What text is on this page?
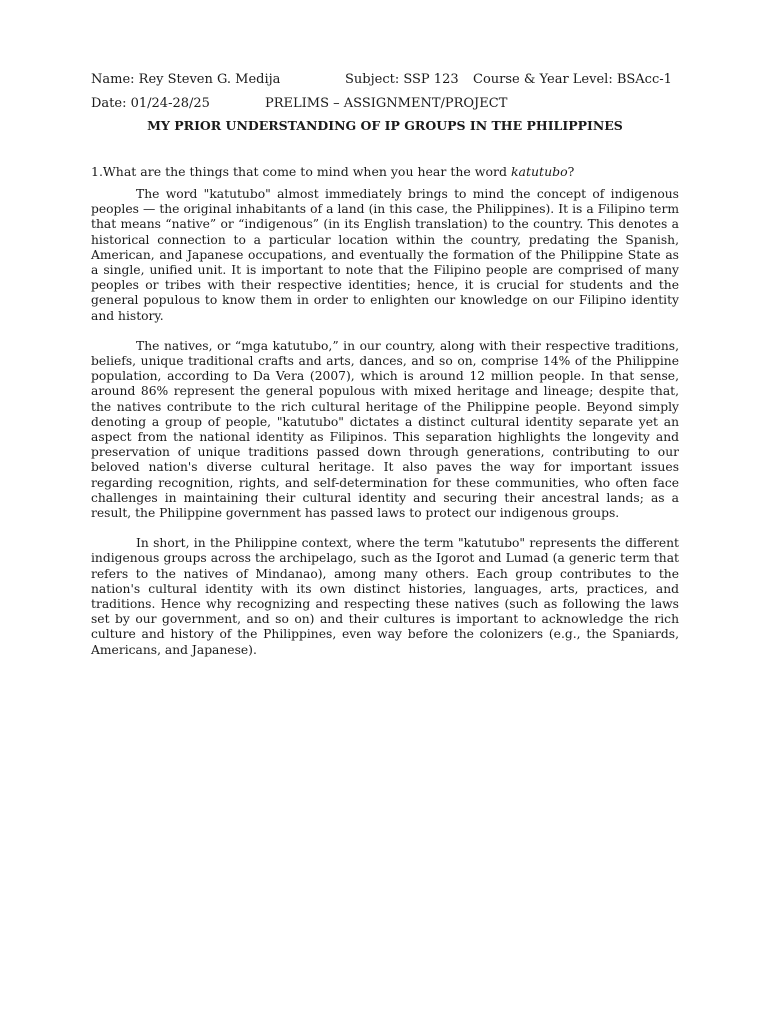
Name: Rey Steven G. Medija	Subject: SSP 123 Course & Year Level: BSAcc-1
Date: 01/24-28/25	PRELIMS – ASSIGNMENT/PROJECT
MY PRIOR UNDERSTANDING OF IP GROUPS IN THE PHILIPPINES
1.What are the things that come to mind when you hear the word katutubo?

The word "katutubo" almost immediately brings to mind the concept of indigenous peoples — the original inhabitants of a land (in this case, the Philippines). It is a Filipino term that means “native” or “indigenous” (in its English translation) to the country. This denotes a historical connection to a particular location within the country, predating the Spanish, American, and Japanese occupations, and eventually the formation of the Philippine State as a single, unified unit. It is important to note that the Filipino people are comprised of many peoples or tribes with their respective identities; hence, it is crucial for students and the general populous to know them in order to enlighten our knowledge on our Filipino identity and history.

The natives, or “mga katutubo,” in our country, along with their respective traditions, beliefs, unique traditional crafts and arts, dances, and so on, comprise 14% of the Philippine population, according to Da Vera (2007), which is around 12 million people. In that sense, around 86% represent the general populous with mixed heritage and lineage; despite that, the natives contribute to the rich cultural heritage of the Philippine people. Beyond simply denoting a group of people, "katutubo" dictates a distinct cultural identity separate yet an aspect from the national identity as Filipinos. This separation highlights the longevity and preservation of unique traditions passed down through generations, contributing to our beloved nation's diverse cultural heritage. It also paves the way for important issues regarding recognition, rights, and self-determination for these communities, who often face challenges in maintaining their cultural identity and securing their ancestral lands; as a result, the Philippine government has passed laws to protect our indigenous groups.

In short, in the Philippine context, where the term "katutubo" represents the different indigenous groups across the archipelago, such as the Igorot and Lumad (a generic term that refers to the natives of Mindanao), among many others. Each group contributes to the nation's cultural identity with its own distinct histories, languages, arts, practices, and traditions. Hence why recognizing and respecting these natives (such as following the laws set by our government, and so on) and their cultures is important to acknowledge the rich culture and history of the Philippines, even way before the colonizers (e.g., the Spaniards, Americans, and Japanese).
